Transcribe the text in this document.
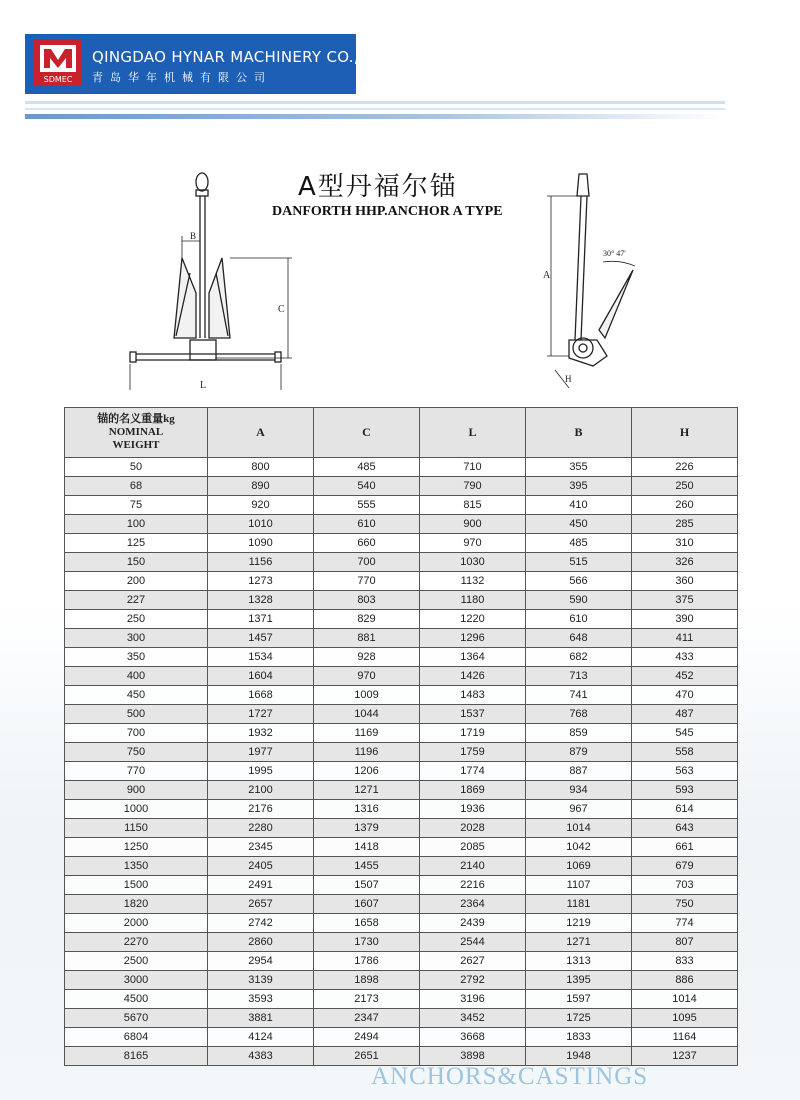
SDMEC
QINGDAO HYNAR MACHINERY CO.,LTD
青岛华年机械有限公司
A型丹福尔锚
DANFORTH HHP.ANCHOR A TYPE
L
C
B
A
30° 47'
H
锚的名义重量kg
NOMINAL
WEIGHT	A	C	L	B	H
50	800	485	710	355	226
68	890	540	790	395	250
75	920	555	815	410	260
100	1010	610	900	450	285
125	1090	660	970	485	310
150	1156	700	1030	515	326
200	1273	770	1132	566	360
227	1328	803	1180	590	375
250	1371	829	1220	610	390
300	1457	881	1296	648	411
350	1534	928	1364	682	433
400	1604	970	1426	713	452
450	1668	1009	1483	741	470
500	1727	1044	1537	768	487
700	1932	1169	1719	859	545
750	1977	1196	1759	879	558
770	1995	1206	1774	887	563
900	2100	1271	1869	934	593
1000	2176	1316	1936	967	614
1150	2280	1379	2028	1014	643
1250	2345	1418	2085	1042	661
1350	2405	1455	2140	1069	679
1500	2491	1507	2216	1107	703
1820	2657	1607	2364	1181	750
2000	2742	1658	2439	1219	774
2270	2860	1730	2544	1271	807
2500	2954	1786	2627	1313	833
3000	3139	1898	2792	1395	886
4500	3593	2173	3196	1597	1014
5670	3881	2347	3452	1725	1095
6804	4124	2494	3668	1833	1164
8165	4383	2651	3898	1948	1237
ANCHORS&CASTINGS
